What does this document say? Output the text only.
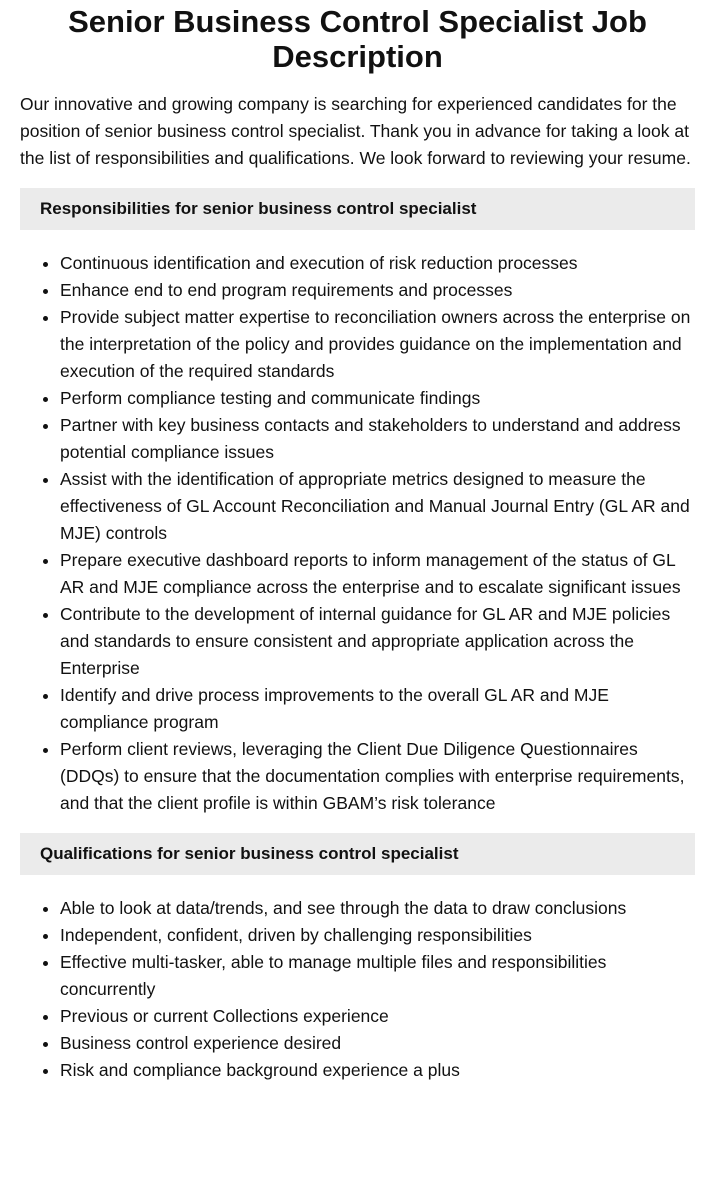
Senior Business Control Specialist Job Description

Our innovative and growing company is searching for experienced candidates for the position of senior business control specialist. Thank you in advance for taking a look at the list of responsibilities and qualifications. We look forward to reviewing your resume.

Responsibilities for senior business control specialist
• Continuous identification and execution of risk reduction processes
• Enhance end to end program requirements and processes
• Provide subject matter expertise to reconciliation owners across the enterprise on the interpretation of the policy and provides guidance on the implementation and execution of the required standards
• Perform compliance testing and communicate findings
• Partner with key business contacts and stakeholders to understand and address potential compliance issues
• Assist with the identification of appropriate metrics designed to measure the effectiveness of GL Account Reconciliation and Manual Journal Entry (GL AR and MJE) controls
• Prepare executive dashboard reports to inform management of the status of GL AR and MJE compliance across the enterprise and to escalate significant issues
• Contribute to the development of internal guidance for GL AR and MJE policies and standards to ensure consistent and appropriate application across the Enterprise
• Identify and drive process improvements to the overall GL AR and MJE compliance program
• Perform client reviews, leveraging the Client Due Diligence Questionnaires (DDQs) to ensure that the documentation complies with enterprise requirements, and that the client profile is within GBAM’s risk tolerance
Qualifications for senior business control specialist
• Able to look at data/trends, and see through the data to draw conclusions
• Independent, confident, driven by challenging responsibilities
• Effective multi-tasker, able to manage multiple files and responsibilities concurrently
• Previous or current Collections experience
• Business control experience desired
• Risk and compliance background experience a plus
